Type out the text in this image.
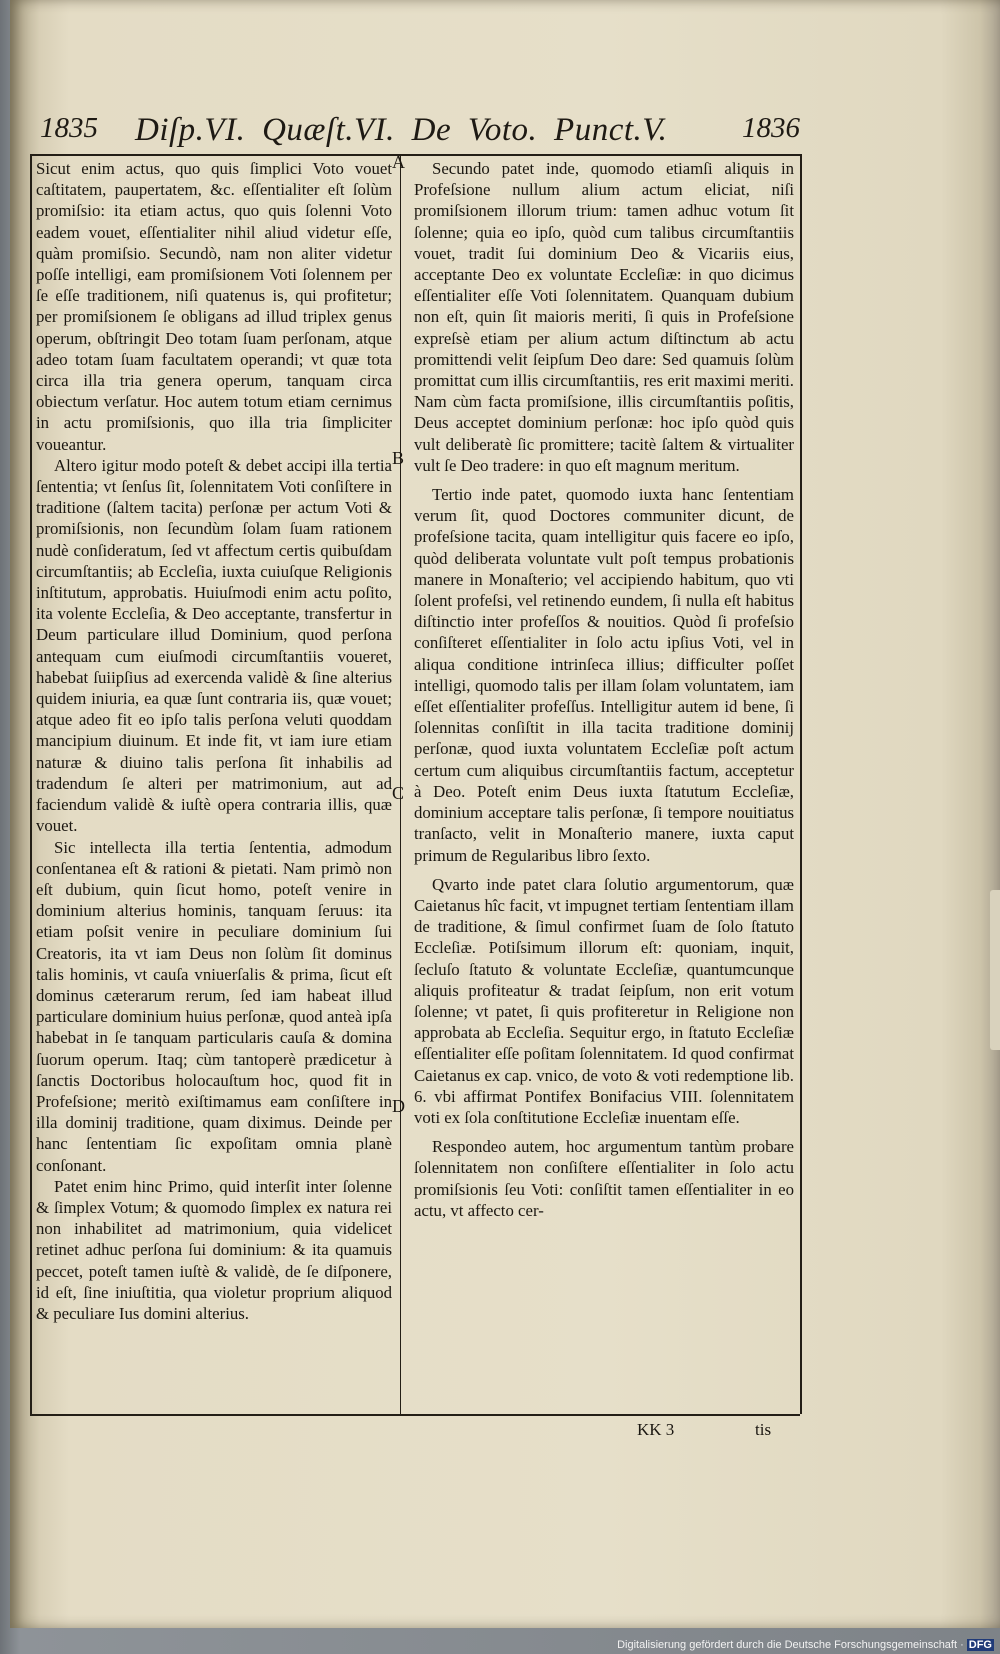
1835 Diſp.VI. Quæſt.VI. De Voto. Punct.V.	1836

Sicut enim actus, quo quis ſimplici Voto vouet caſtitatem, paupertatem, &c. eſſentialiter eſt ſolùm promiſsio: ita etiam actus, quo quis ſolenni Voto eadem vouet, eſſentialiter nihil aliud videtur eſſe, quàm promiſsio. Secundò, nam non aliter videtur poſſe intelligi, eam promiſsionem Voti ſolennem per ſe eſſe traditionem, niſi quatenus is, qui profitetur; per promiſsionem ſe obligans ad illud triplex genus operum, obſtringit Deo totam ſuam perſonam, atque adeo totam ſuam facultatem operandi; vt quæ tota circa illa tria genera operum, tanquam circa obiectum verſatur. Hoc autem totum etiam cernimus in actu promiſsionis, quo illa tria ſimpliciter voueantur.

Altero igitur modo poteſt & debet accipi illa tertia ſententia; vt ſenſus ſit, ſolennitatem Voti conſiſtere in traditione (ſaltem tacita) perſonæ per actum Voti & promiſsionis, non ſecundùm ſolam ſuam rationem nudè conſideratum, ſed vt affectum certis quibuſdam circumſtantiis; ab Eccleſia, iuxta cuiuſque Religionis inſtitutum, approbatis. Huiuſmodi enim actu poſito, ita volente Eccleſia, & Deo acceptante, transfertur in Deum particulare illud Dominium, quod perſona antequam cum eiuſmodi circumſtantiis voueret, habebat ſuiipſius ad exercenda validè & ſine alterius quidem iniuria, ea quæ ſunt contraria iis, quæ vouet; atque adeo fit eo ipſo talis perſona veluti quoddam mancipium diuinum. Et inde fit, vt iam iure etiam naturæ & diuino talis perſona ſit inhabilis ad tradendum ſe alteri per matrimonium, aut ad faciendum validè & iuſtè opera contraria illis, quæ vouet.

Sic intellecta illa tertia ſententia, admodum conſentanea eſt & rationi & pietati. Nam primò non eſt dubium, quin ſicut homo, poteſt venire in dominium alterius hominis, tanquam ſeruus: ita etiam poſsit venire in peculiare dominium ſui Creatoris, ita vt iam Deus non ſolùm ſit dominus talis hominis, vt cauſa vniuerſalis & prima, ſicut eſt dominus cæterarum rerum, ſed iam habeat illud particulare dominium huius perſonæ, quod anteà ipſa habebat in ſe tanquam particularis cauſa & domina ſuorum operum. Itaq; cùm tantoperè prædicetur à ſanctis Doctoribus holocauſtum hoc, quod fit in Profeſsione; meritò exiſtimamus eam conſiſtere in illa dominij traditione, quam diximus. Deinde per hanc ſententiam ſic expoſitam omnia planè conſonant.

Patet enim hinc Primo, quid interſit inter ſolenne & ſimplex Votum; & quomodo ſimplex ex natura rei non inhabilitet ad matrimonium, quia videlicet retinet adhuc perſona ſui dominium: & ita quamuis peccet, poteſt tamen iuſtè & validè, de ſe diſponere, id eſt, ſine iniuſtitia, qua violetur proprium aliquod & peculiare Ius domini alterius.

A
B
C
D

Secundo patet inde, quomodo etiamſi aliquis in Profeſsione nullum alium actum eliciat, niſi promiſsionem illorum trium: tamen adhuc votum ſit ſolenne; quia eo ipſo, quòd cum talibus circumſtantiis vouet, tradit ſui dominium Deo & Vicariis eius, acceptante Deo ex voluntate Eccleſiæ: in quo dicimus eſſentialiter eſſe Voti ſolennitatem. Quanquam dubium non eſt, quin ſit maioris meriti, ſi quis in Profeſsione expreſsè etiam per alium actum diſtinctum ab actu promittendi velit ſeipſum Deo dare: Sed quamuis ſolùm promittat cum illis circumſtantiis, res erit maximi meriti. Nam cùm facta promiſsione, illis circumſtantiis poſitis, Deus acceptet dominium perſonæ: hoc ipſo quòd quis vult deliberatè ſic promittere; tacitè ſaltem & virtualiter vult ſe Deo tradere: in quo eſt magnum meritum.

Tertio inde patet, quomodo iuxta hanc ſententiam verum ſit, quod Doctores communiter dicunt, de profeſsione tacita, quam intelligitur quis facere eo ipſo, quòd deliberata voluntate vult poſt tempus probationis manere in Monaſterio; vel accipiendo habitum, quo vti ſolent profeſsi, vel retinendo eundem, ſi nulla eſt habitus diſtinctio inter profeſſos & nouitios. Quòd ſi profeſsio conſiſteret eſſentialiter in ſolo actu ipſius Voti, vel in aliqua conditione intrinſeca illius; difficulter poſſet intelligi, quomodo talis per illam ſolam voluntatem, iam eſſet eſſentialiter profeſſus. Intelligitur autem id bene, ſi ſolennitas conſiſtit in illa tacita traditione dominij perſonæ, quod iuxta voluntatem Eccleſiæ poſt actum certum cum aliquibus circumſtantiis factum, acceptetur à Deo. Poteſt enim Deus iuxta ſtatutum Eccleſiæ, dominium acceptare talis perſonæ, ſi tempore nouitiatus tranſacto, velit in Monaſterio manere, iuxta caput primum de Regularibus libro ſexto.

Qvarto inde patet clara ſolutio argumentorum, quæ Caietanus hîc facit, vt impugnet tertiam ſententiam illam de traditione, & ſimul confirmet ſuam de ſolo ſtatuto Eccleſiæ. Potiſsimum illorum eſt: quoniam, inquit, ſecluſo ſtatuto & voluntate Eccleſiæ, quantumcunque aliquis profiteatur & tradat ſeipſum, non erit votum ſolenne; vt patet, ſi quis profiteretur in Religione non approbata ab Eccleſia. Sequitur ergo, in ſtatuto Eccleſiæ eſſentialiter eſſe poſitam ſolennitatem. Id quod confirmat Caietanus ex cap. vnico, de voto & voti redemptione lib. 6. vbi affirmat Pontifex Bonifacius VIII. ſolennitatem voti ex ſola conſtitutione Eccleſiæ inuentam eſſe.

Respondeo autem, hoc argumentum tantùm probare ſolennitatem non conſiſtere eſſentialiter in ſolo actu promiſsionis ſeu Voti: conſiſtit tamen eſſentialiter in eo actu, vt affecto cer-

KK 3	tis
Digitalisierung gefördert durch die Deutsche Forschungsgemeinschaft · DFG
